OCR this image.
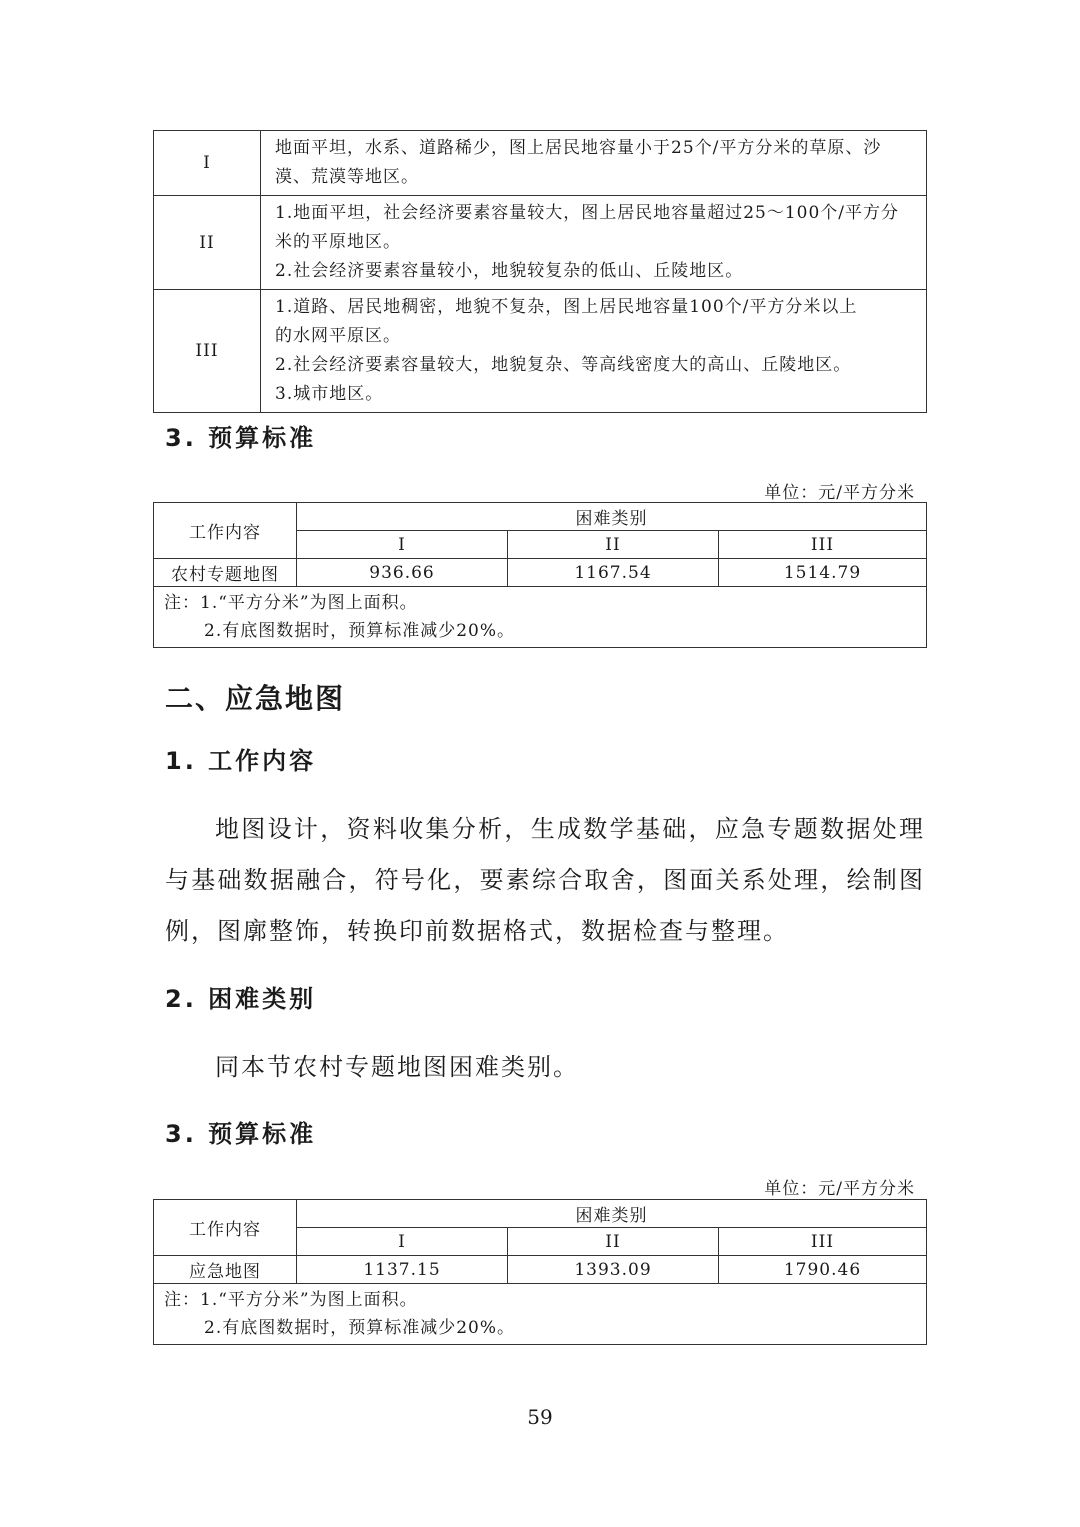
I	地面平坦，水系、道路稀少，图上居民地容量小于25个/平方分米的草原、沙
漠、荒漠等地区。

II	1.地面平坦，社会经济要素容量较大，图上居民地容量超过25～100个/平方分
米的平原地区。
2.社会经济要素容量较小，地貌较复杂的低山、丘陵地区。

III	1.道路、居民地稠密，地貌不复杂，图上居民地容量100个/平方分米以上
的水网平原区。
2.社会经济要素容量较大，地貌复杂、等高线密度大的高山、丘陵地区。
3.城市地区。
3. 预算标准
单位：元/平方分米
工作内容	困难类别		
	I	II	III
农村专题地图	936.66	1167.54	1514.79

注：1.“平方分米”为图上面积。
2.有底图数据时，预算标准减少20%。			
二、应急地图
1. 工作内容

地图设计，资料收集分析，生成数学基础，应急专题数据处理与基础数据融合，符号化，要素综合取舍，图面关系处理，绘制图例，图廓整饰，转换印前数据格式，数据检查与整理。

2. 困难类别

同本节农村专题地图困难类别。

3. 预算标准
单位：元/平方分米
工作内容	困难类别		
	I	II	III
应急地图	1137.15	1393.09	1790.46

注：1.“平方分米”为图上面积。
2.有底图数据时，预算标准减少20%。			
59
